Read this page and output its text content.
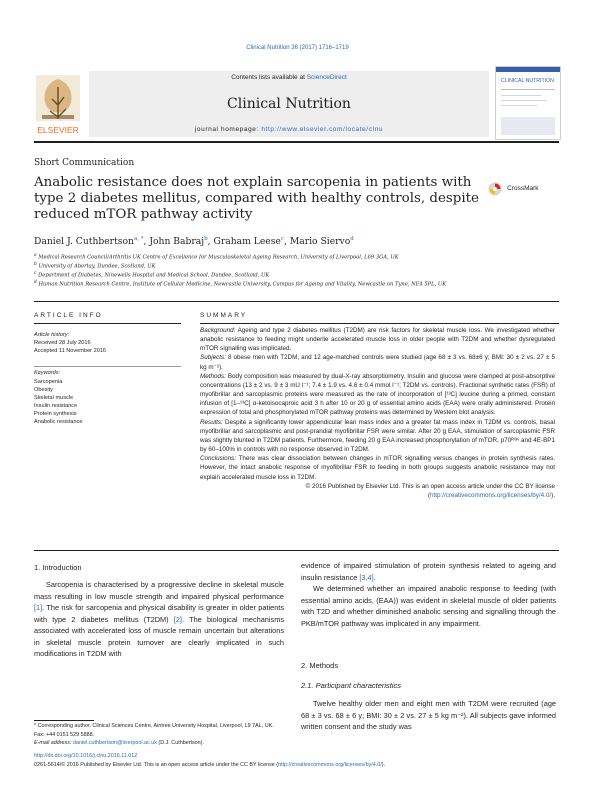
Clinical Nutrition 36 (2017) 1716–1719
Contents lists available at ScienceDirect
Clinical Nutrition
journal homepage: http://www.elsevier.com/locate/clnu
ELSEVIER
CLINICAL NUTRITION
Short Communication
Anabolic resistance does not explain sarcopenia in patients with type 2 diabetes mellitus, compared with healthy controls, despite reduced mTOR pathway activity
CrossMark
Daniel J. Cuthbertson$^{a, *}$, John Babraj$^b$, Graham Leese$^c$, Mario Siervo$^d$
$^a$ Medical Research Council/Arthritis UK Centre of Excellence for Musculoskeletal Ageing Research, University of Liverpool, L69 3GA, UK
$^b$ University of Abertay, Dundee, Scotland, UK
$^c$ Department of Diabetes, Ninewells Hospital and Medical School, Dundee, Scotland, UK
$^d$ Human Nutrition Research Centre, Institute of Cellular Medicine, Newcastle University, Campus for Ageing and Vitality, Newcastle on Tyne, NE4 5PL, UK
ARTICLE INFO	SUMMARY
Article history:
Received 28 July 2016
Accepted 11 November 2016
Keywords:
Sarcopenia
Obesity
Skeletal muscle
Insulin resistance
Protein synthesis
Anabolic resistance

Background: Ageing and type 2 diabetes mellitus (T2DM) are risk factors for skeletal muscle loss. We investigated whether anabolic resistance to feeding might underlie accelerated muscle loss in older people with T2DM and whether dysregulated mTOR signalling was implicated.

Subjects: 8 obese men with T2DM, and 12 age-matched controls were studied (age 68 ± 3 vs. 68±6 y; BMI: 30 ± 2 vs. 27 ± 5 kg m⁻²).

Methods: Body composition was measured by dual-X-ray absorptiometry. Insulin and glucose were clamped at post-absorptive concentrations (13 ± 2 vs. 9 ± 3 mU l⁻¹; 7.4 ± 1.9 vs. 4.6 ± 0.4 mmol l⁻¹; T2DM vs. controls). Fractional synthetic rates (FSR) of myofibrillar and sarcoplasmic proteins were measured as the rate of incorporation of [¹³C] leucine during a primed, constant infusion of [1–¹³C] α-ketoisocaproic acid 3 h after 10 or 20 g of essential amino acids (EAA) were orally administered. Protein expression of total and phosphorylated mTOR pathway proteins was determined by Western blot analysis.

Results: Despite a significantly lower appendicular lean mass index and a greater fat mass index in T2DM vs. controls, basal myofibrillar and sarcoplasmic and post-prandial myofibrillar FSR were similar. After 20 g EAA, stimulation of sarcoplasmic FSR was slightly blunted in T2DM patients. Furthermore, feeding 20 g EAA increased phosphorylation of mTOR, p70ᴿ⁶ᴷ and 4E-BP1 by 60–100% in controls with no response observed in T2DM.

Conclusions: There was clear dissociation between changes in mTOR signalling versus changes in protein synthesis rates. However, the intact anabolic response of myofibrillar FSR to feeding in both groups suggests anabolic resistance may not explain accelerated muscle loss in T2DM.

© 2016 Published by Elsevier Ltd. This is an open access article under the CC BY license (http://creativecommons.org/licenses/by/4.0/).

1. Introduction

Sarcopenia is characterised by a progressive decline in skeletal muscle mass resulting in low muscle strength and impaired physical performance [1]. The risk for sarcopenia and physical disability is greater in older patients with type 2 diabetes mellitus (T2DM) [2]. The biological mechanisms associated with accelerated loss of muscle remain uncertain but alterations in skeletal muscle protein turnover are clearly implicated in such modifications in T2DM with

evidence of impaired stimulation of protein synthesis related to ageing and insulin resistance [3,4].

We determined whether an impaired anabolic response to feeding (with essential amino acids, (EAA)) was evident in skeletal muscle of older patients with T2D and whether diminished anabolic sensing and signalling through the PKB/mTOR pathway was implicated in any impairment.

2. Methods
2.1. Participant characteristics

Twelve healthy older men and eight men with T2DM were recruited (age 68 ± 3 vs. 68 ± 6 y; BMI: 30 ± 2 vs. 27 ± 5 kg m⁻²). All subjects gave informed written consent and the study was

* Corresponding author. Clinical Sciences Centre, Aintree University Hospital, Liverpool, L9 7AL, UK. Fax: +44 0151 529 5888.
E-mail address: daniel.cuthbertson@liverpool.ac.uk (D.J. Cuthbertson).
http://dx.doi.org/10.1016/j.clnu.2016.11.012
0261-5614/© 2016 Published by Elsevier Ltd. This is an open access article under the CC BY license (http://creativecommons.org/licenses/by/4.0/).
